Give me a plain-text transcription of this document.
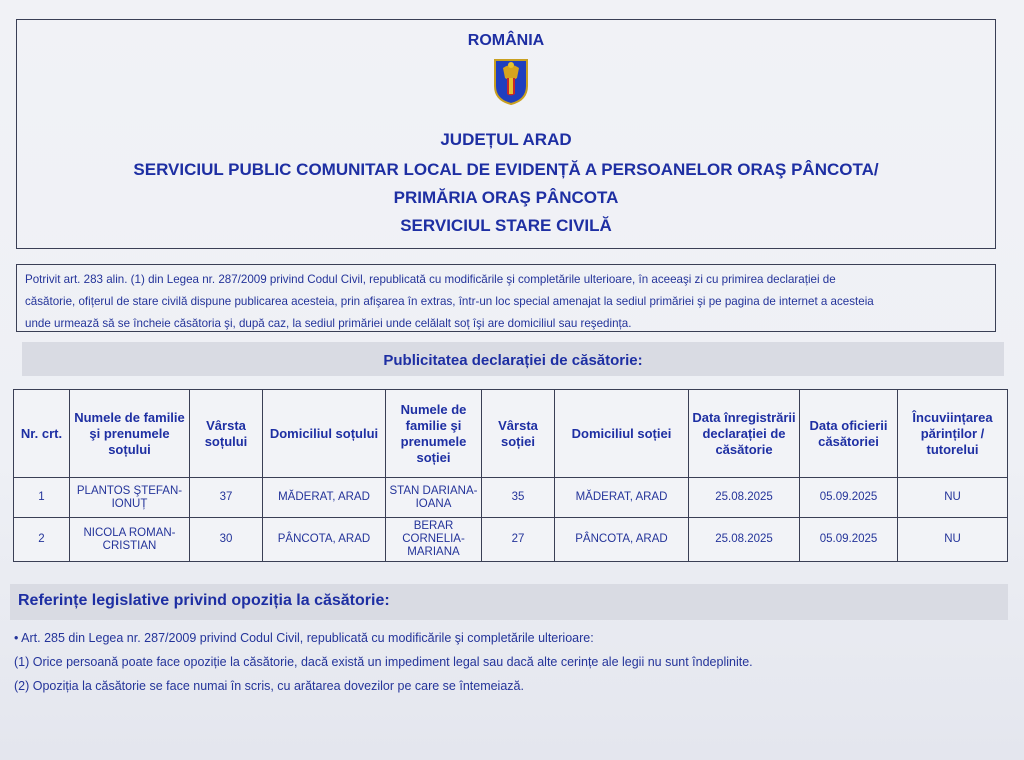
ROMÂNIA
JUDEȚUL ARAD
SERVICIUL PUBLIC COMUNITAR LOCAL DE EVIDENȚĂ A PERSOANELOR ORAŞ PÂNCOTA/
PRIMĂRIA ORAŞ PÂNCOTA
SERVICIUL STARE CIVILĂ
Potrivit art. 283 alin. (1) din Legea nr. 287/2009 privind Codul Civil, republicată cu modificările şi completările ulterioare, în aceeaşi zi cu primirea declarației de
căsătorie, ofițerul de stare civilă dispune publicarea acesteia, prin afişarea în extras, într-un loc special amenajat la sediul primăriei şi pe pagina de internet a acesteia
unde urmează să se încheie căsătoria şi, după caz, la sediul primăriei unde celălalt soț îşi are domiciliul sau reşedința.
Publicitatea declarației de căsătorie:
Nr. crt.	Numele de familie şi prenumele soțului	Vârsta soțului	Domiciliul soțului	Numele de familie şi prenumele soției	Vârsta soției	Domiciliul soției	Data înregistrării declarației de căsătorie	Data oficierii căsătoriei	Încuviințarea părinților / tutorelui
1	PLANTOS ŞTEFAN-IONUȚ	37	MĂDERAT, ARAD	STAN DARIANA-IOANA	35	MĂDERAT, ARAD	25.08.2025	05.09.2025	NU
2	NICOLA ROMAN-CRISTIAN	30	PÂNCOTA, ARAD	BERAR CORNELIA-MARIANA	27	PÂNCOTA, ARAD	25.08.2025	05.09.2025	NU
Referințe legislative privind opoziția la căsătorie:
• Art. 285 din Legea nr. 287/2009 privind Codul Civil, republicată cu modificările şi completările ulterioare:
(1) Orice persoană poate face opoziție la căsătorie, dacă există un impediment legal sau dacă alte cerințe ale legii nu sunt îndeplinite.
(2) Opoziția la căsătorie se face numai în scris, cu arătarea dovezilor pe care se întemeiază.
